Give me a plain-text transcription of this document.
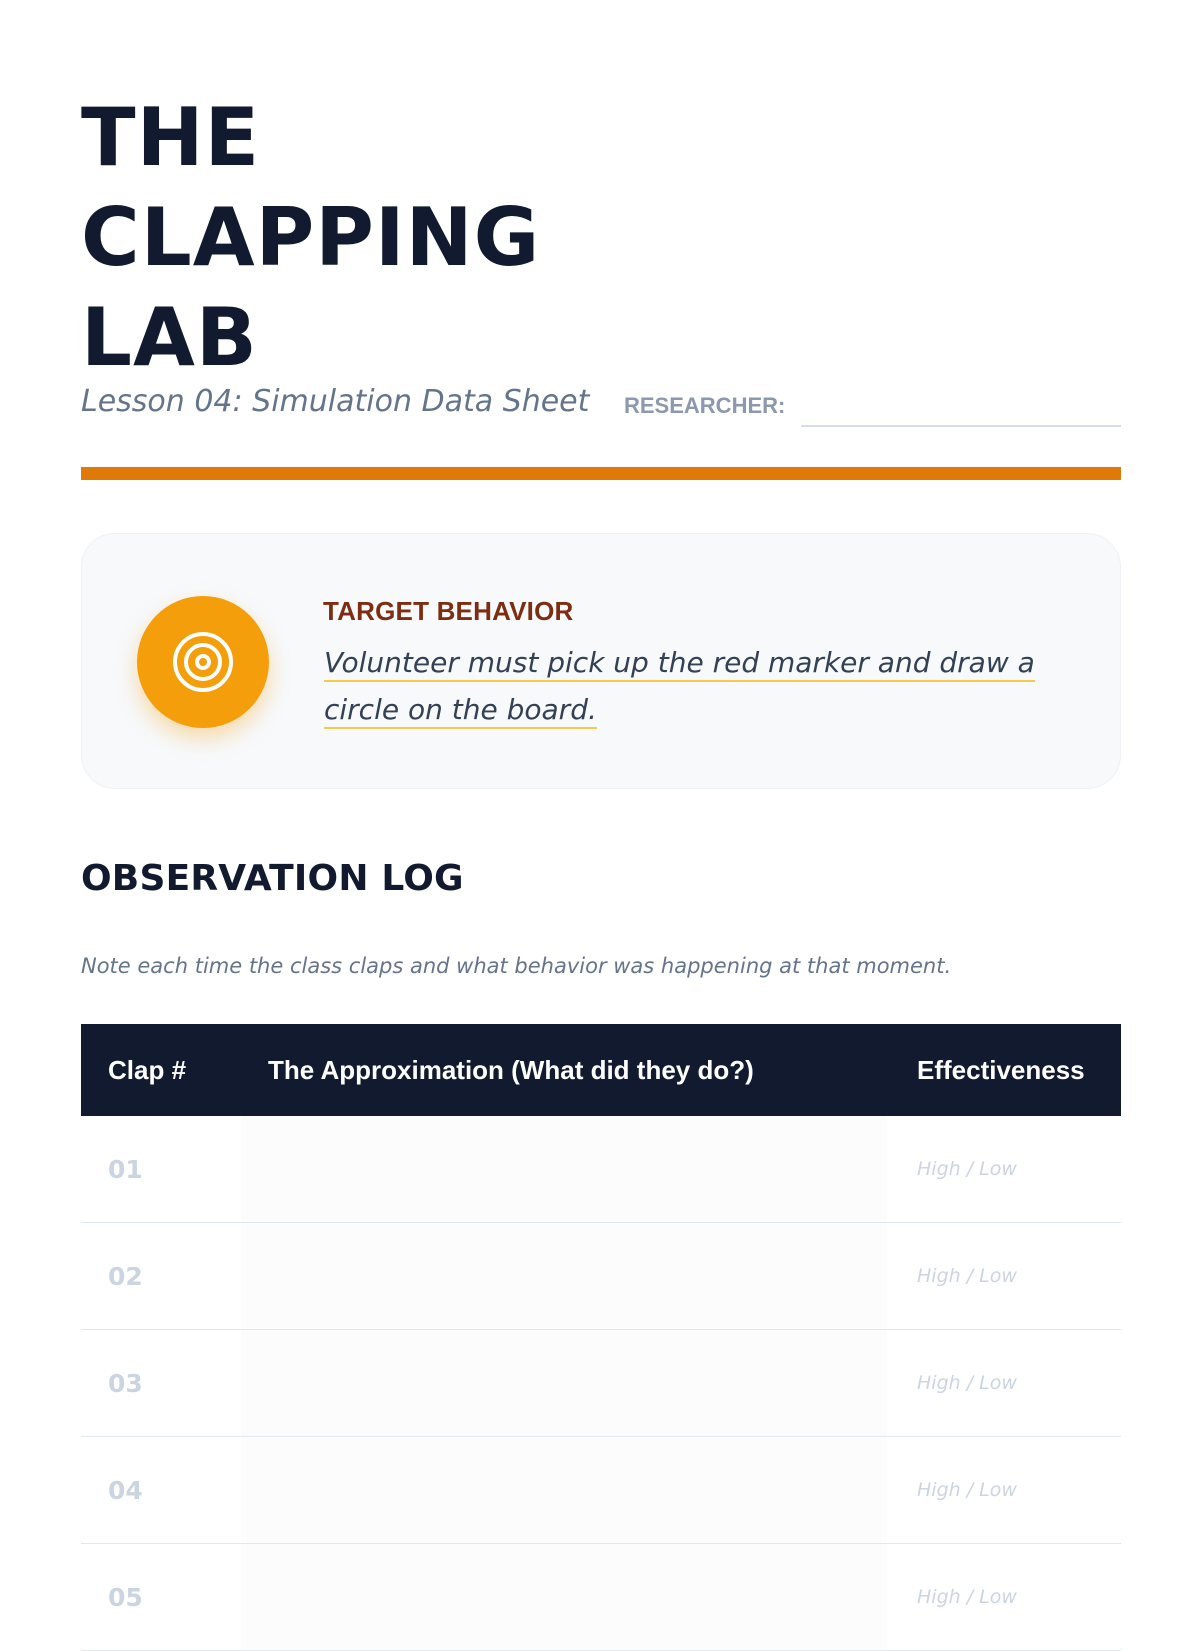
THE
CLAPPING
LAB
Lesson 04: Simulation Data Sheet RESEARCHER:
TARGET BEHAVIOR
Volunteer must pick up the red marker and draw a
circle on the board.
OBSERVATION LOG
Note each time the class claps and what behavior was happening at that moment.
Clap #	The Approximation (What did they do?)	Effectiveness
01		High / Low
02		High / Low
03		High / Low
04		High / Low
05		High / Low
